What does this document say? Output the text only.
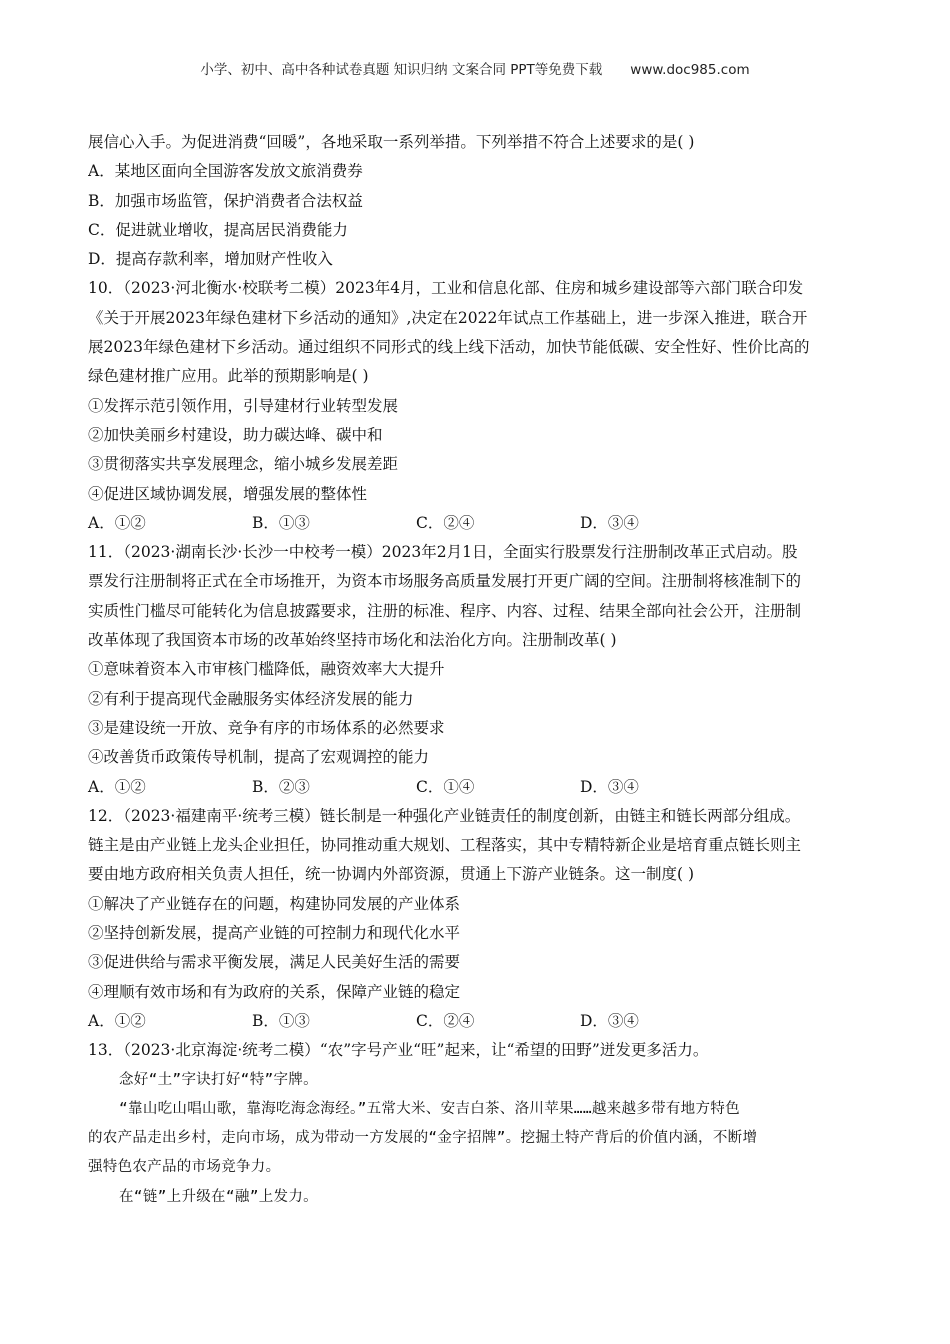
小学、初中、高中各种试卷真题 知识归纳 文案合同 PPT等免费下载 www.doc985.com
展信心入手。为促进消费“回暖”，各地采取一系列举措。下列举措不符合上述要求的是( )
A．某地区面向全国游客发放文旅消费券
B．加强市场监管，保护消费者合法权益
C．促进就业增收，提高居民消费能力
D．提高存款利率，增加财产性收入
10．（2023·河北衡水·校联考二模）2023年4月，工业和信息化部、住房和城乡建设部等六部门联合印发
《关于开展2023年绿色建材下乡活动的通知》,决定在2022年试点工作基础上，进一步深入推进，联合开
展2023年绿色建材下乡活动。通过组织不同形式的线上线下活动，加快节能低碳、安全性好、性价比高的
绿色建材推广应用。此举的预期影响是( )
①发挥示范引领作用，引导建材行业转型发展
②加快美丽乡村建设，助力碳达峰、碳中和
③贯彻落实共享发展理念，缩小城乡发展差距
④促进区域协调发展，增强发展的整体性
A．①②	B．①③	C．②④	D．③④
11．（2023·湖南长沙·长沙一中校考一模）2023年2月1日，全面实行股票发行注册制改革正式启动。股
票发行注册制将正式在全市场推开，为资本市场服务高质量发展打开更广阔的空间。注册制将核准制下的
实质性门槛尽可能转化为信息披露要求，注册的标准、程序、内容、过程、结果全部向社会公开，注册制
改革体现了我国资本市场的改革始终坚持市场化和法治化方向。注册制改革( )
①意味着资本入市审核门槛降低，融资效率大大提升
②有利于提高现代金融服务实体经济发展的能力
③是建设统一开放、竞争有序的市场体系的必然要求
④改善货币政策传导机制，提高了宏观调控的能力
A．①②	B．②③	C．①④	D．③④
12．（2023·福建南平·统考三模）链长制是一种强化产业链责任的制度创新，由链主和链长两部分组成。
链主是由产业链上龙头企业担任，协同推动重大规划、工程落实，其中专精特新企业是培育重点链长则主
要由地方政府相关负责人担任，统一协调内外部资源，贯通上下游产业链条。这一制度( )
①解决了产业链存在的问题，构建协同发展的产业体系
②坚持创新发展，提高产业链的可控制力和现代化水平
③促进供给与需求平衡发展，满足人民美好生活的需要
④理顺有效市场和有为政府的关系，保障产业链的稳定
A．①②	B．①③	C．②④	D．③④
13．（2023·北京海淀·统考二模）“农”字号产业“旺”起来，让“希望的田野”迸发更多活力。
念好“土”字诀打好“特”字牌。
“靠山吃山唱山歌，靠海吃海念海经。”五常大米、安吉白茶、洛川苹果……越来越多带有地方特色
的农产品走出乡村，走向市场，成为带动一方发展的“金字招牌”。挖掘土特产背后的价值内涵，不断增
强特色农产品的市场竞争力。
在“链”上升级在“融”上发力。
